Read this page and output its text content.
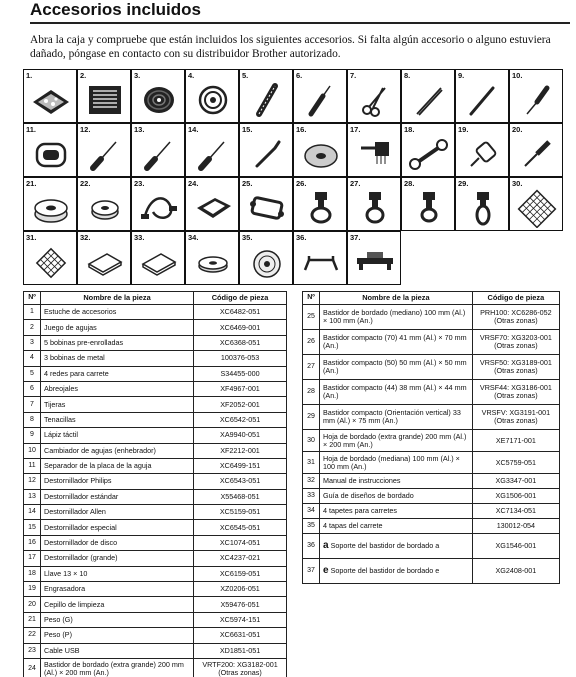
Accesorios incluidos
Abra la caja y compruebe que están incluidos los siguientes accesorios. Si falta algún accesorio o alguno estuviera dañado, póngase en contacto con su distribuidor Brother autorizado.
1.	2.	3.	4.	5.	6.	7.	8.	9.	10.
11.	12.	13.	14.	15.	16.	17.	18.	19.	20.
21.	22.	23.	24.	25.	26.	27.	28.	29.	30.
31.	32.	33.	34.	35.	36.	37.
Nº	Nombre de la pieza	Código de pieza
1	Estuche de accesorios	XC6482-051
2	Juego de agujas	XC6469-001
3	5 bobinas pre-enrolladas	XC6368-051
4	3 bobinas de metal	100376-053
5	4 redes para carrete	S34455-000
6	Abreojales	XF4967-001
7	Tijeras	XF2052-001
8	Tenacillas	XC6542-051
9	Lápiz táctil	XA9940-051
10	Cambiador de agujas (enhebrador)	XF2212-001
11	Separador de la placa de la aguja	XC6499-151
12	Destornillador Philips	XC6543-051
13	Destornillador estándar	X55468-051
14	Destornillador Allen	XC5159-051
15	Destornillador especial	XC6545-051
16	Destornillador de disco	XC1074-051
17	Destornillador (grande)	XC4237-021
18	Llave 13 × 10	XC6159-051
19	Engrasadora	XZ0206-051
20	Cepillo de limpieza	X59476-051
21	Peso (G)	XC5974-151
22	Peso (P)	XC6631-051
23	Cable USB	XD1851-051
24	Bastidor de bordado (extra grande) 200 mm (Al.) × 200 mm (An.)	VRTF200: XG3182-001 (Otras zonas)
Nº	Nombre de la pieza	Código de pieza
25	Bastidor de bordado (mediano) 100 mm (Al.) × 100 mm (An.)	PRH100: XC6286-052 (Otras zonas)
26	Bastidor compacto (70) 41 mm (Al.) × 70 mm (An.)	VRSF70: XG3203-001 (Otras zonas)
27	Bastidor compacto (50) 50 mm (Al.) × 50 mm (An.)	VRSF50: XG3189-001 (Otras zonas)
28	Bastidor compacto (44) 38 mm (Al.) × 44 mm (An.)	VRSF44: XG3186-001 (Otras zonas)
29	Bastidor compacto (Orientación vertical) 33 mm (Al.) × 75 mm (An.)	VRSFV: XG3191-001 (Otras zonas)
30	Hoja de bordado (extra grande) 200 mm (Al.) × 200 mm (An.)	XE7171-001
31	Hoja de bordado (mediana) 100 mm (Al.) × 100 mm (An.)	XC5759-051
32	Manual de instrucciones	XG3347-001
33	Guía de diseños de bordado	XG1506-001
34	4 tapetes para carretes	XC7134-051
35	4 tapas del carrete	130012-054
36	a Soporte del bastidor de bordado a	XG1546-001
37	e Soporte del bastidor de bordado e	XG2408-001
